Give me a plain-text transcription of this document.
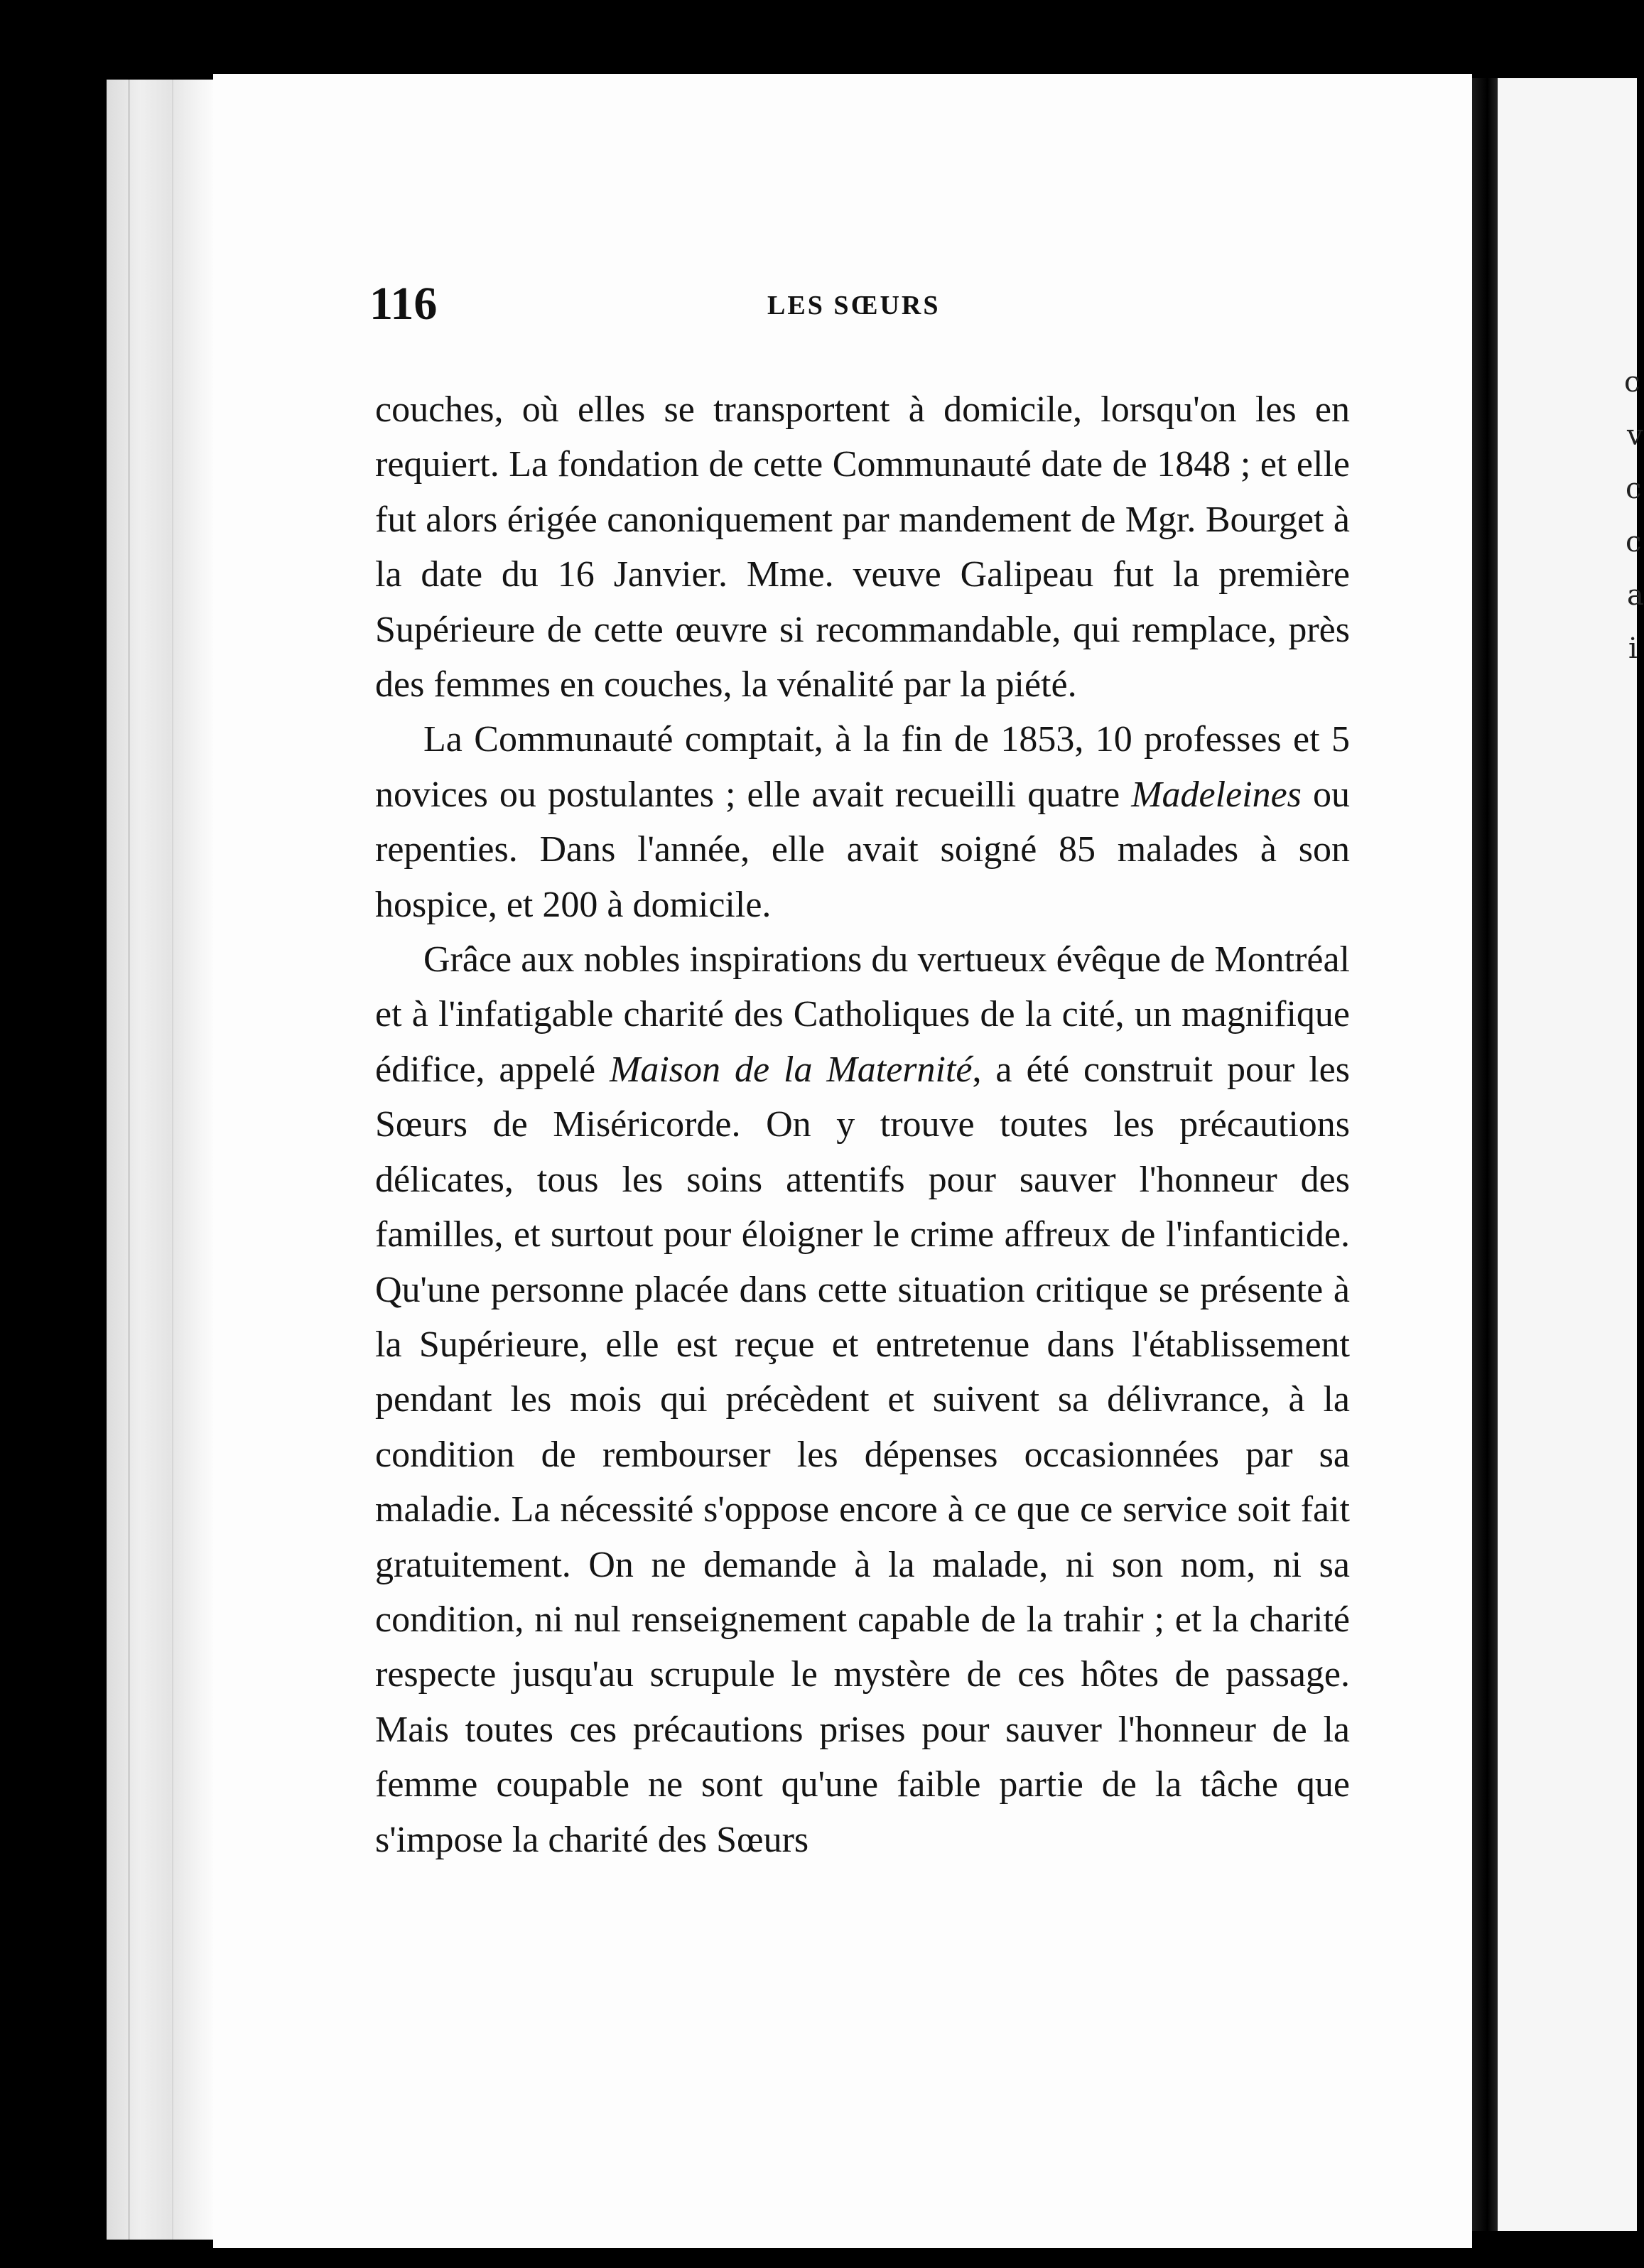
c
v
c
c
a
i
116	LES SŒURS

couches, où elles se transportent à domicile, lorsqu'on les en requiert. La fondation de cette Communauté date de 1848 ; et elle fut alors érigée canoniquement par mandement de Mgr. Bourget à la date du 16 Janvier. Mme. veuve Galipeau fut la première Supérieure de cette œuvre si recommandable, qui remplace, près des femmes en couches, la vénalité par la piété.

La Communauté comptait, à la fin de 1853, 10 professes et 5 novices ou postulantes ; elle avait recueilli quatre Madeleines ou repenties. Dans l'année, elle avait soigné 85 malades à son hospice, et 200 à domicile.

Grâce aux nobles inspirations du vertueux évêque de Montréal et à l'infatigable charité des Catholiques de la cité, un magnifique édifice, appelé Maison de la Maternité, a été construit pour les Sœurs de Miséricorde. On y trouve toutes les précautions délicates, tous les soins attentifs pour sauver l'honneur des familles, et surtout pour éloigner le crime affreux de l'infanticide. Qu'une personne placée dans cette situation critique se présente à la Supérieure, elle est reçue et entretenue dans l'établissement pendant les mois qui précèdent et suivent sa délivrance, à la condition de rembourser les dépenses occasionnées par sa maladie. La nécessité s'oppose encore à ce que ce service soit fait gratuitement. On ne demande à la malade, ni son nom, ni sa condition, ni nul renseignement capable de la trahir ; et la charité respecte jusqu'au scrupule le mystère de ces hôtes de passage. Mais toutes ces précautions prises pour sauver l'honneur de la femme coupable ne sont qu'une faible partie de la tâche que s'impose la charité des Sœurs
